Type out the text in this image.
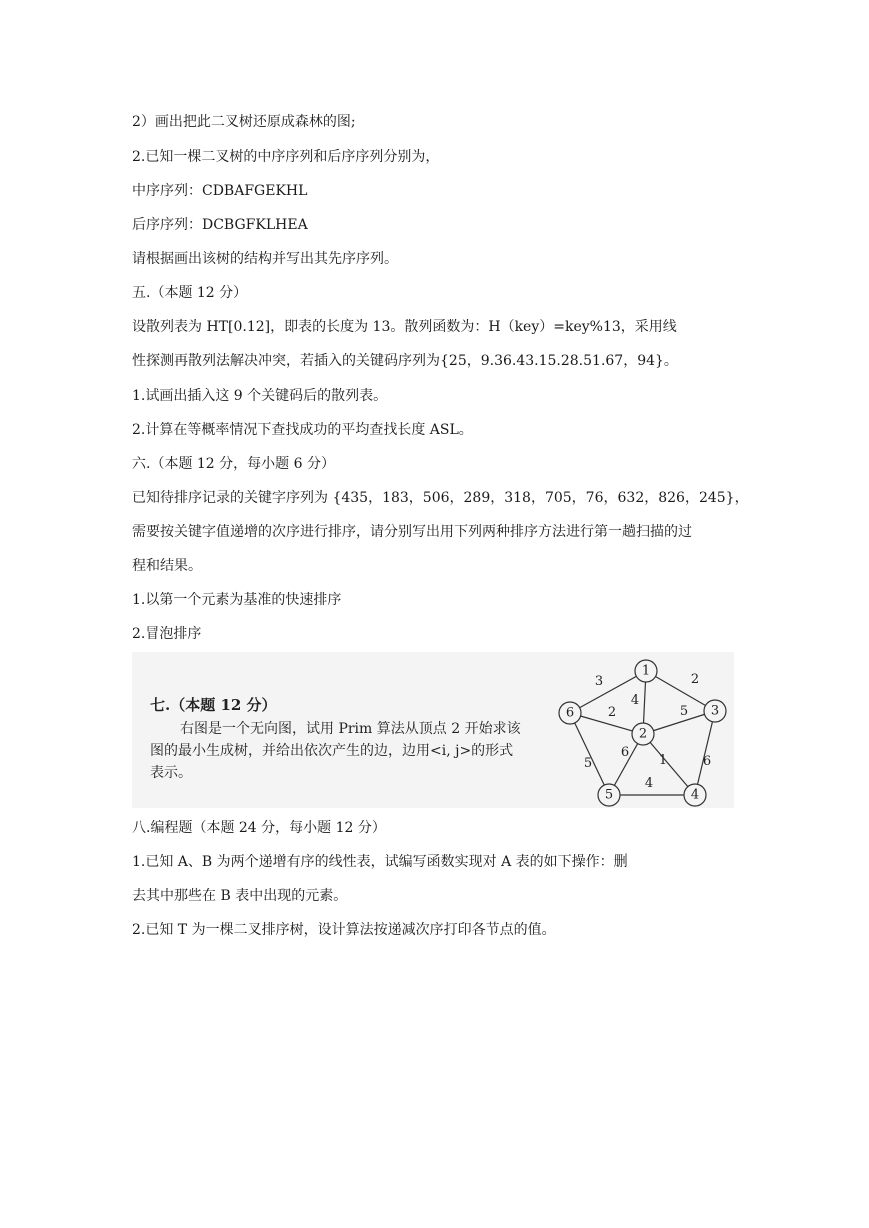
2）画出把此二叉树还原成森林的图;
2.已知一棵二叉树的中序序列和后序序列分别为，
中序序列：CDBAFGEKHL
后序序列：DCBGFKLHEA
请根据画出该树的结构并写出其先序序列。
五.（本题 12 分）
设散列表为 HT[0.12]，即表的长度为 13。散列函数为：H（key）=key%13，采用线
性探测再散列法解决冲突，若插入的关键码序列为{25，9.36.43.15.28.51.67，94}。
1.试画出插入这 9 个关键码后的散列表。
2.计算在等概率情况下查找成功的平均查找长度 ASL。
六.（本题 12 分，每小题 6 分）
已知待排序记录的关键字序列为 {435，183，506，289，318，705，76，632，826，245}，
需要按关键字值递增的次序进行排序，请分别写出用下列两种排序方法进行第一趟扫描的过
程和结果。
1.以第一个元素为基准的快速排序
2.冒泡排序
七.（本题 12 分）
右图是一个无向图，试用 Prim 算法从顶点 2 开始求该
图的最小生成树，并给出依次产生的边，边用<i, j>的形式
表示。
3	2
4
2	5
6
1
5	6
4
1
2
3
4
5
6
八.编程题（本题 24 分，每小题 12 分）
1.已知 A、B 为两个递增有序的线性表，试编写函数实现对 A 表的如下操作：删
去其中那些在 B 表中出现的元素。
2.已知 T 为一棵二叉排序树，设计算法按递减次序打印各节点的值。
